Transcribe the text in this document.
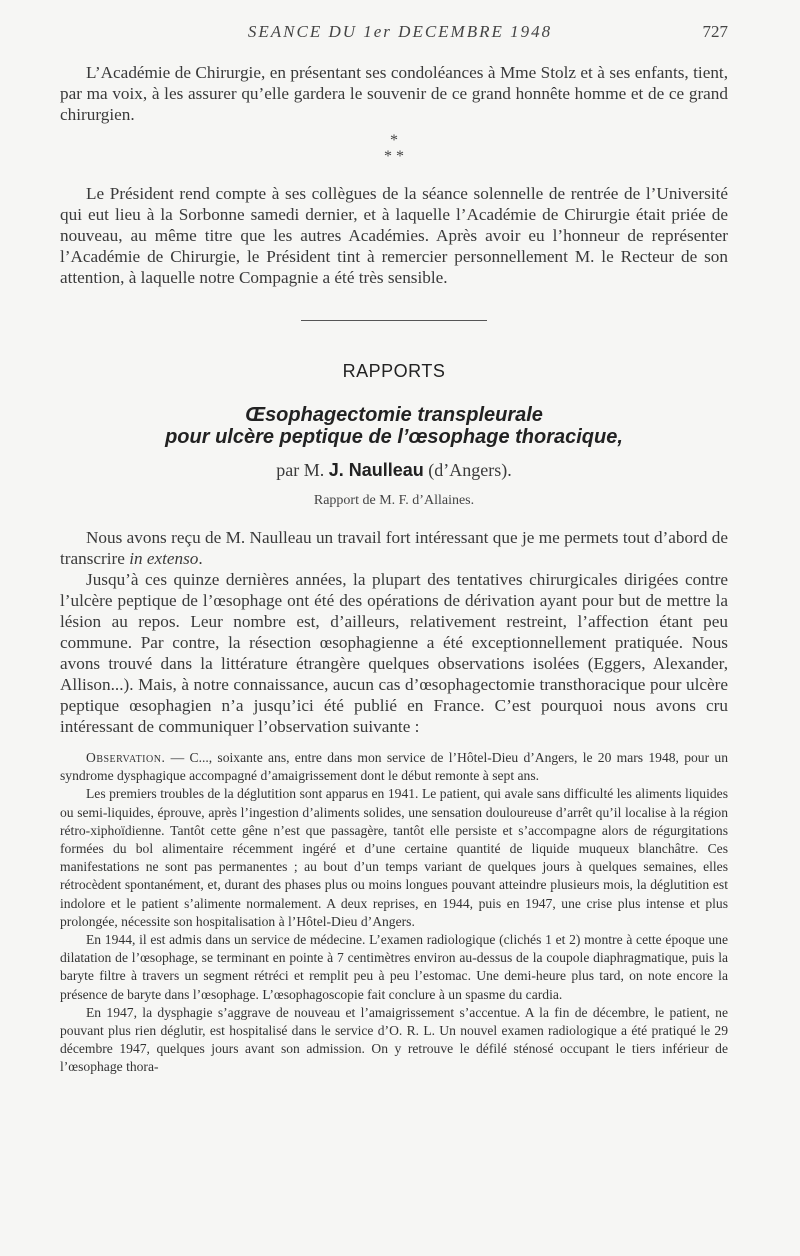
SEANCE DU 1er DECEMBRE 1948	727

L’Académie de Chirurgie, en présentant ses condoléances à Mme Stolz et à ses enfants, tient, par ma voix, à les assurer qu’elle gardera le souvenir de ce grand honnête homme et de ce grand chirurgien.

*
* *

Le Président rend compte à ses collègues de la séance solennelle de rentrée de l’Université qui eut lieu à la Sorbonne samedi dernier, et à laquelle l’Académie de Chirurgie était priée de nouveau, au même titre que les autres Académies. Après avoir eu l’honneur de représenter l’Académie de Chirurgie, le Président tint à remercier personnellement M. le Recteur de son attention, à laquelle notre Compagnie a été très sensible.

RAPPORTS
Œsophagectomie transpleurale
pour ulcère peptique de l’œsophage thoracique,
par M. J. Naulleau (d’Angers).
Rapport de M. F. d’Allaines.

Nous avons reçu de M. Naulleau un travail fort intéressant que je me permets tout d’abord de transcrire in extenso.

Jusqu’à ces quinze dernières années, la plupart des tentatives chirurgicales dirigées contre l’ulcère peptique de l’œsophage ont été des opérations de dérivation ayant pour but de mettre la lésion au repos. Leur nombre est, d’ailleurs, relativement restreint, l’affection étant peu commune. Par contre, la résection œsophagienne a été exceptionnellement pratiquée. Nous avons trouvé dans la littérature étrangère quelques observations isolées (Eggers, Alexander, Allison...). Mais, à notre connaissance, aucun cas d’œsophagectomie transthoracique pour ulcère peptique œsophagien n’a jusqu’ici été publié en France. C’est pourquoi nous avons cru intéressant de communiquer l’observation suivante :

Observation. — C..., soixante ans, entre dans mon service de l’Hôtel-Dieu d’Angers, le 20 mars 1948, pour un syndrome dysphagique accompagné d’amaigrissement dont le début remonte à sept ans.

Les premiers troubles de la déglutition sont apparus en 1941. Le patient, qui avale sans difficulté les aliments liquides ou semi-liquides, éprouve, après l’ingestion d’aliments solides, une sensation douloureuse d’arrêt qu’il localise à la région rétro-xiphoïdienne. Tantôt cette gêne n’est que passagère, tantôt elle persiste et s’accompagne alors de régurgitations formées du bol alimentaire récemment ingéré et d’une certaine quantité de liquide muqueux blanchâtre. Ces manifestations ne sont pas permanentes ; au bout d’un temps variant de quelques jours à quelques semaines, elles rétrocèdent spontanément, et, durant des phases plus ou moins longues pouvant atteindre plusieurs mois, la déglutition est indolore et le patient s’alimente normalement. A deux reprises, en 1944, puis en 1947, une crise plus intense et plus prolongée, nécessite son hospitalisation à l’Hôtel-Dieu d’Angers.

En 1944, il est admis dans un service de médecine. L’examen radiologique (clichés 1 et 2) montre à cette époque une dilatation de l’œsophage, se terminant en pointe à 7 centimètres environ au-dessus de la coupole diaphragmatique, puis la baryte filtre à travers un segment rétréci et remplit peu à peu l’estomac. Une demi-heure plus tard, on note encore la présence de baryte dans l’œsophage. L’œsophagoscopie fait conclure à un spasme du cardia.

En 1947, la dysphagie s’aggrave de nouveau et l’amaigrissement s’accentue. A la fin de décembre, le patient, ne pouvant plus rien déglutir, est hospitalisé dans le service d’O. R. L. Un nouvel examen radiologique a été pratiqué le 29 décembre 1947, quelques jours avant son admission. On y retrouve le défilé sténosé occupant le tiers inférieur de l’œsophage thora-
